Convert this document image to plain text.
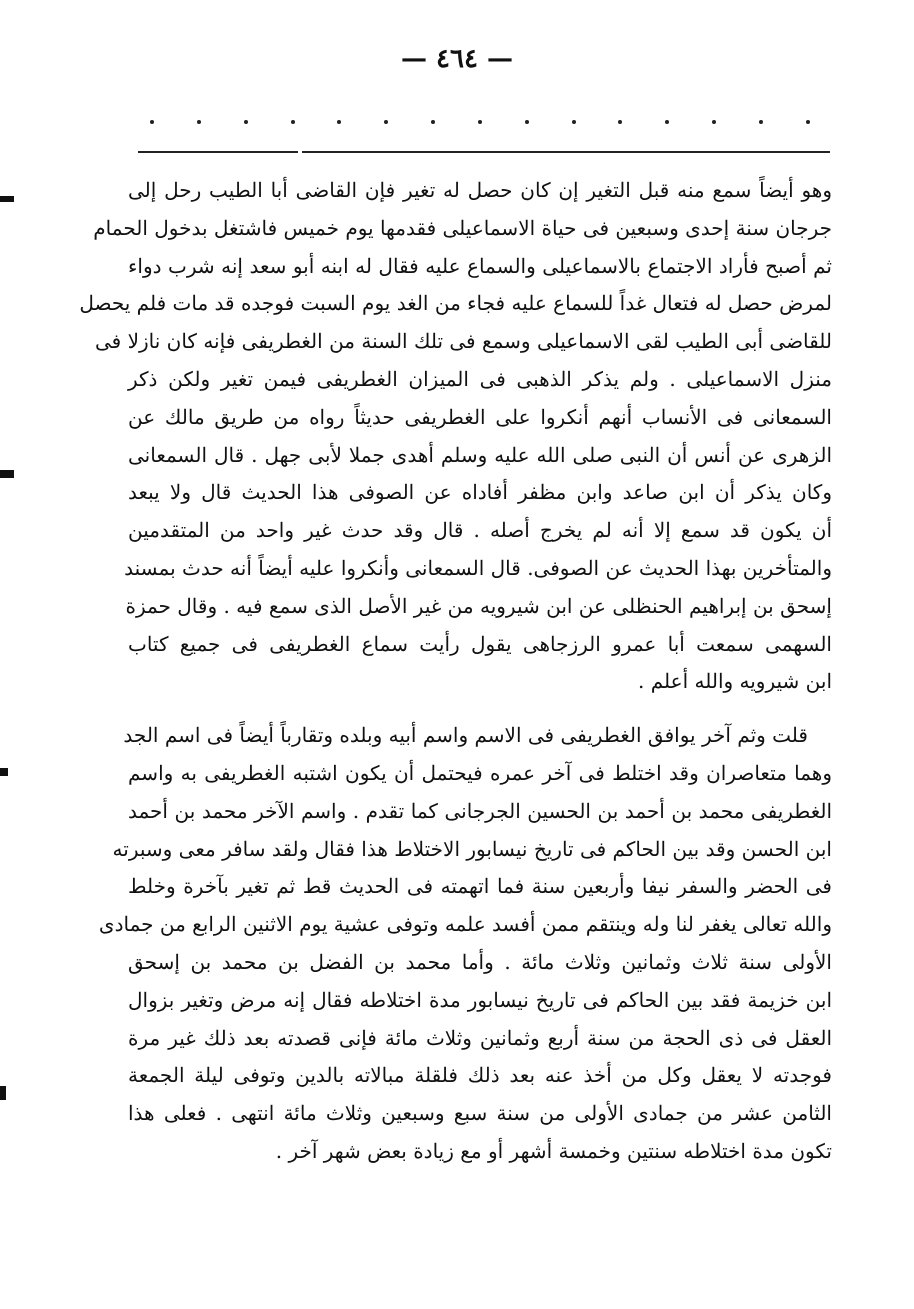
— ٤٦٤ —
وهو أيضاً سمع منه قبل التغير إن كان حصل له تغير فإن القاضى أبا الطيب رحل إلى
جرجان سنة إحدى وسبعين فى حياة الاسماعيلى فقدمها يوم خميس فاشتغل بدخول الحمام
ثم أصبح فأراد الاجتماع بالاسماعيلى والسماع عليه فقال له ابنه أبو سعد إنه شرب دواء
لمرض حصل له فتعال غداً للسماع عليه فجاء من الغد يوم السبت فوجده قد مات فلم يحصل
للقاضى أبى الطيب لقى الاسماعيلى وسمع فى تلك السنة من الغطريفى فإنه كان نازلا فى
منزل الاسماعيلى . ولم يذكر الذهبى فى الميزان الغطريفى فيمن تغير ولكن ذكر
السمعانى فى الأنساب أنهم أنكروا على الغطريفى حديثاً رواه من طريق مالك عن
الزهرى عن أنس أن النبى صلى الله عليه وسلم أهدى جملا لأبى جهل . قال السمعانى
وكان يذكر أن ابن صاعد وابن مظفر أفاداه عن الصوفى هذا الحديث قال ولا يبعد
أن يكون قد سمع إلا أنه لم يخرج أصله . قال وقد حدث غير واحد من المتقدمين
والمتأخرين بهذا الحديث عن الصوفى. قال السمعانى وأنكروا عليه أيضاً أنه حدث بمسند
إسحق بن إبراهيم الحنظلى عن ابن شيرويه من غير الأصل الذى سمع فيه . وقال حمزة
السهمى سمعت أبا عمرو الرزجاهى يقول رأيت سماع الغطريفى فى جميع كتاب
ابن شيرويه والله أعلم .
قلت وثم آخر يوافق الغطريفى فى الاسم واسم أبيه وبلده وتقارباً أيضاً فى اسم الجد
وهما متعاصران وقد اختلط فى آخر عمره فيحتمل أن يكون اشتبه الغطريفى به واسم
الغطريفى محمد بن أحمد بن الحسين الجرجانى كما تقدم . واسم الآخر محمد بن أحمد
ابن الحسن وقد بين الحاكم فى تاريخ نيسابور الاختلاط هذا فقال ولقد سافر معى وسبرته
فى الحضر والسفر نيفا وأربعين سنة فما اتهمته فى الحديث قط ثم تغير بآخرة وخلط
والله تعالى يغفر لنا وله وينتقم ممن أفسد علمه وتوفى عشية يوم الاثنين الرابع من جمادى
الأولى سنة ثلاث وثمانين وثلاث مائة . وأما محمد بن الفضل بن محمد بن إسحق
ابن خزيمة فقد بين الحاكم فى تاريخ نيسابور مدة اختلاطه فقال إنه مرض وتغير بزوال
العقل فى ذى الحجة من سنة أربع وثمانين وثلاث مائة فإنى قصدته بعد ذلك غير مرة
فوجدته لا يعقل وكل من أخذ عنه بعد ذلك فلقلة مبالاته بالدين وتوفى ليلة الجمعة
الثامن عشر من جمادى الأولى من سنة سبع وسبعين وثلاث مائة انتهى . فعلى هذا
تكون مدة اختلاطه سنتين وخمسة أشهر أو مع زيادة بعض شهر آخر .
